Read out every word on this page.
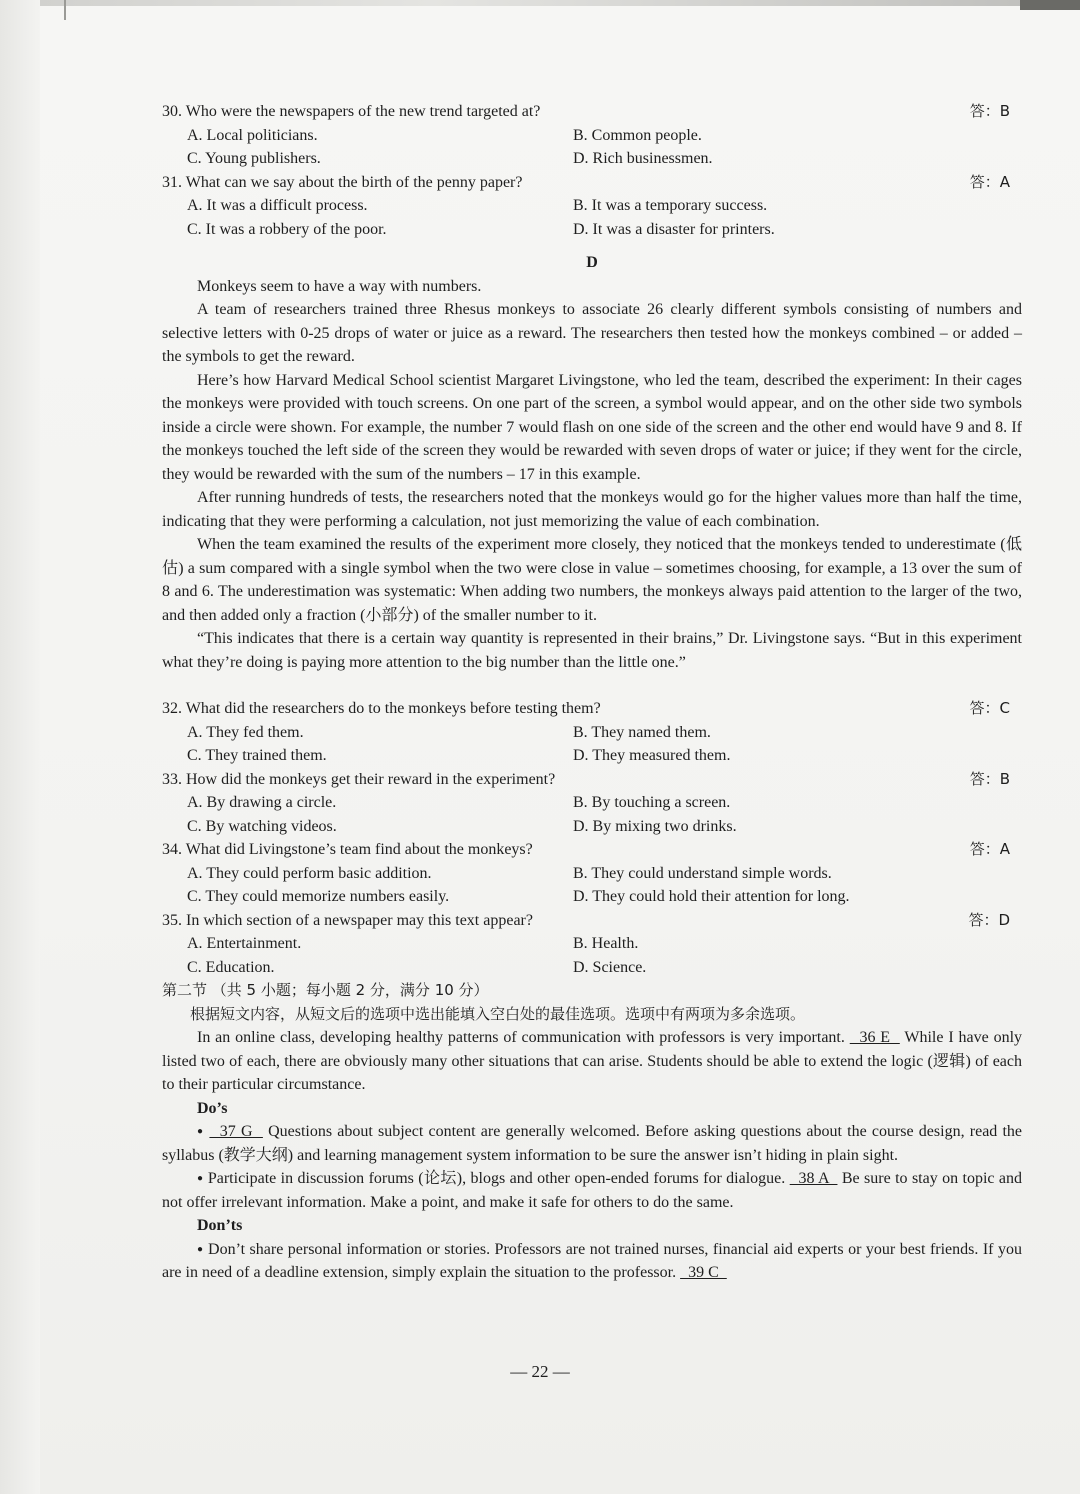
30. Who were the newspapers of the new trend targeted at?	答：B
A. Local politicians.	B. Common people.
C. Young publishers.	D. Rich businessmen.
31. What can we say about the birth of the penny paper?	答：A
A. It was a difficult process.	B. It was a temporary success.
C. It was a robbery of the poor.	D. It was a disaster for printers.
D

Monkeys seem to have a way with numbers.

A team of researchers trained three Rhesus monkeys to associate 26 clearly different symbols consisting of numbers and selective letters with 0-25 drops of water or juice as a reward. The researchers then tested how the monkeys combined – or added – the symbols to get the reward.

Here’s how Harvard Medical School scientist Margaret Livingstone, who led the team, described the experiment: In their cages the monkeys were provided with touch screens. On one part of the screen, a symbol would appear, and on the other side two symbols inside a circle were shown. For example, the number 7 would flash on one side of the screen and the other end would have 9 and 8. If the monkeys touched the left side of the screen they would be rewarded with seven drops of water or juice; if they went for the circle, they would be rewarded with the sum of the numbers – 17 in this example.

After running hundreds of tests, the researchers noted that the monkeys would go for the higher values more than half the time, indicating that they were performing a calculation, not just memorizing the value of each combination.

When the team examined the results of the experiment more closely, they noticed that the monkeys tended to underestimate (低估) a sum compared with a single symbol when the two were close in value – sometimes choosing, for example, a 13 over the sum of 8 and 6. The underestimation was systematic: When adding two numbers, the monkeys always paid attention to the larger of the two, and then added only a fraction (小部分) of the smaller number to it.

“This indicates that there is a certain way quantity is represented in their brains,” Dr. Livingstone says. “But in this experiment what they’re doing is paying more attention to the big number than the little one.”

32. What did the researchers do to the monkeys before testing them?	答：C
A. They fed them.	B. They named them.
C. They trained them.	D. They measured them.
33. How did the monkeys get their reward in the experiment?	答：B
A. By drawing a circle.	B. By touching a screen.
C. By watching videos.	D. By mixing two drinks.
34. What did Livingstone’s team find about the monkeys?	答：A
A. They could perform basic addition.	B. They could understand simple words.
C. They could memorize numbers easily.	D. They could hold their attention for long.
35. In which section of a newspaper may this text appear?	答：D
A. Entertainment.	B. Health.
C. Education.	D. Science.
第二节 （共 5 小题；每小题 2 分，满分 10 分）
根据短文内容，从短文后的选项中选出能填入空白处的最佳选项。选项中有两项为多余选项。

In an online class, developing healthy patterns of communication with professors is very important.   36 E   While I have only listed two of each, there are obviously many other situations that can arise. Students should be able to extend the logic (逻辑) of each to their particular circumstance.

Do’s

●   37 G   Questions about subject content are generally welcomed. Before asking questions about the course design, read the syllabus (教学大纲) and learning management system information to be sure the answer isn’t hiding in plain sight.

● Participate in discussion forums (论坛), blogs and other open-ended forums for dialogue.   38 A   Be sure to stay on topic and not offer irrelevant information. Make a point, and make it safe for others to do the same.

Don’ts

● Don’t share personal information or stories. Professors are not trained nurses, financial aid experts or your best friends. If you are in need of a deadline extension, simply explain the situation to the professor.   39 C

— 22 —
